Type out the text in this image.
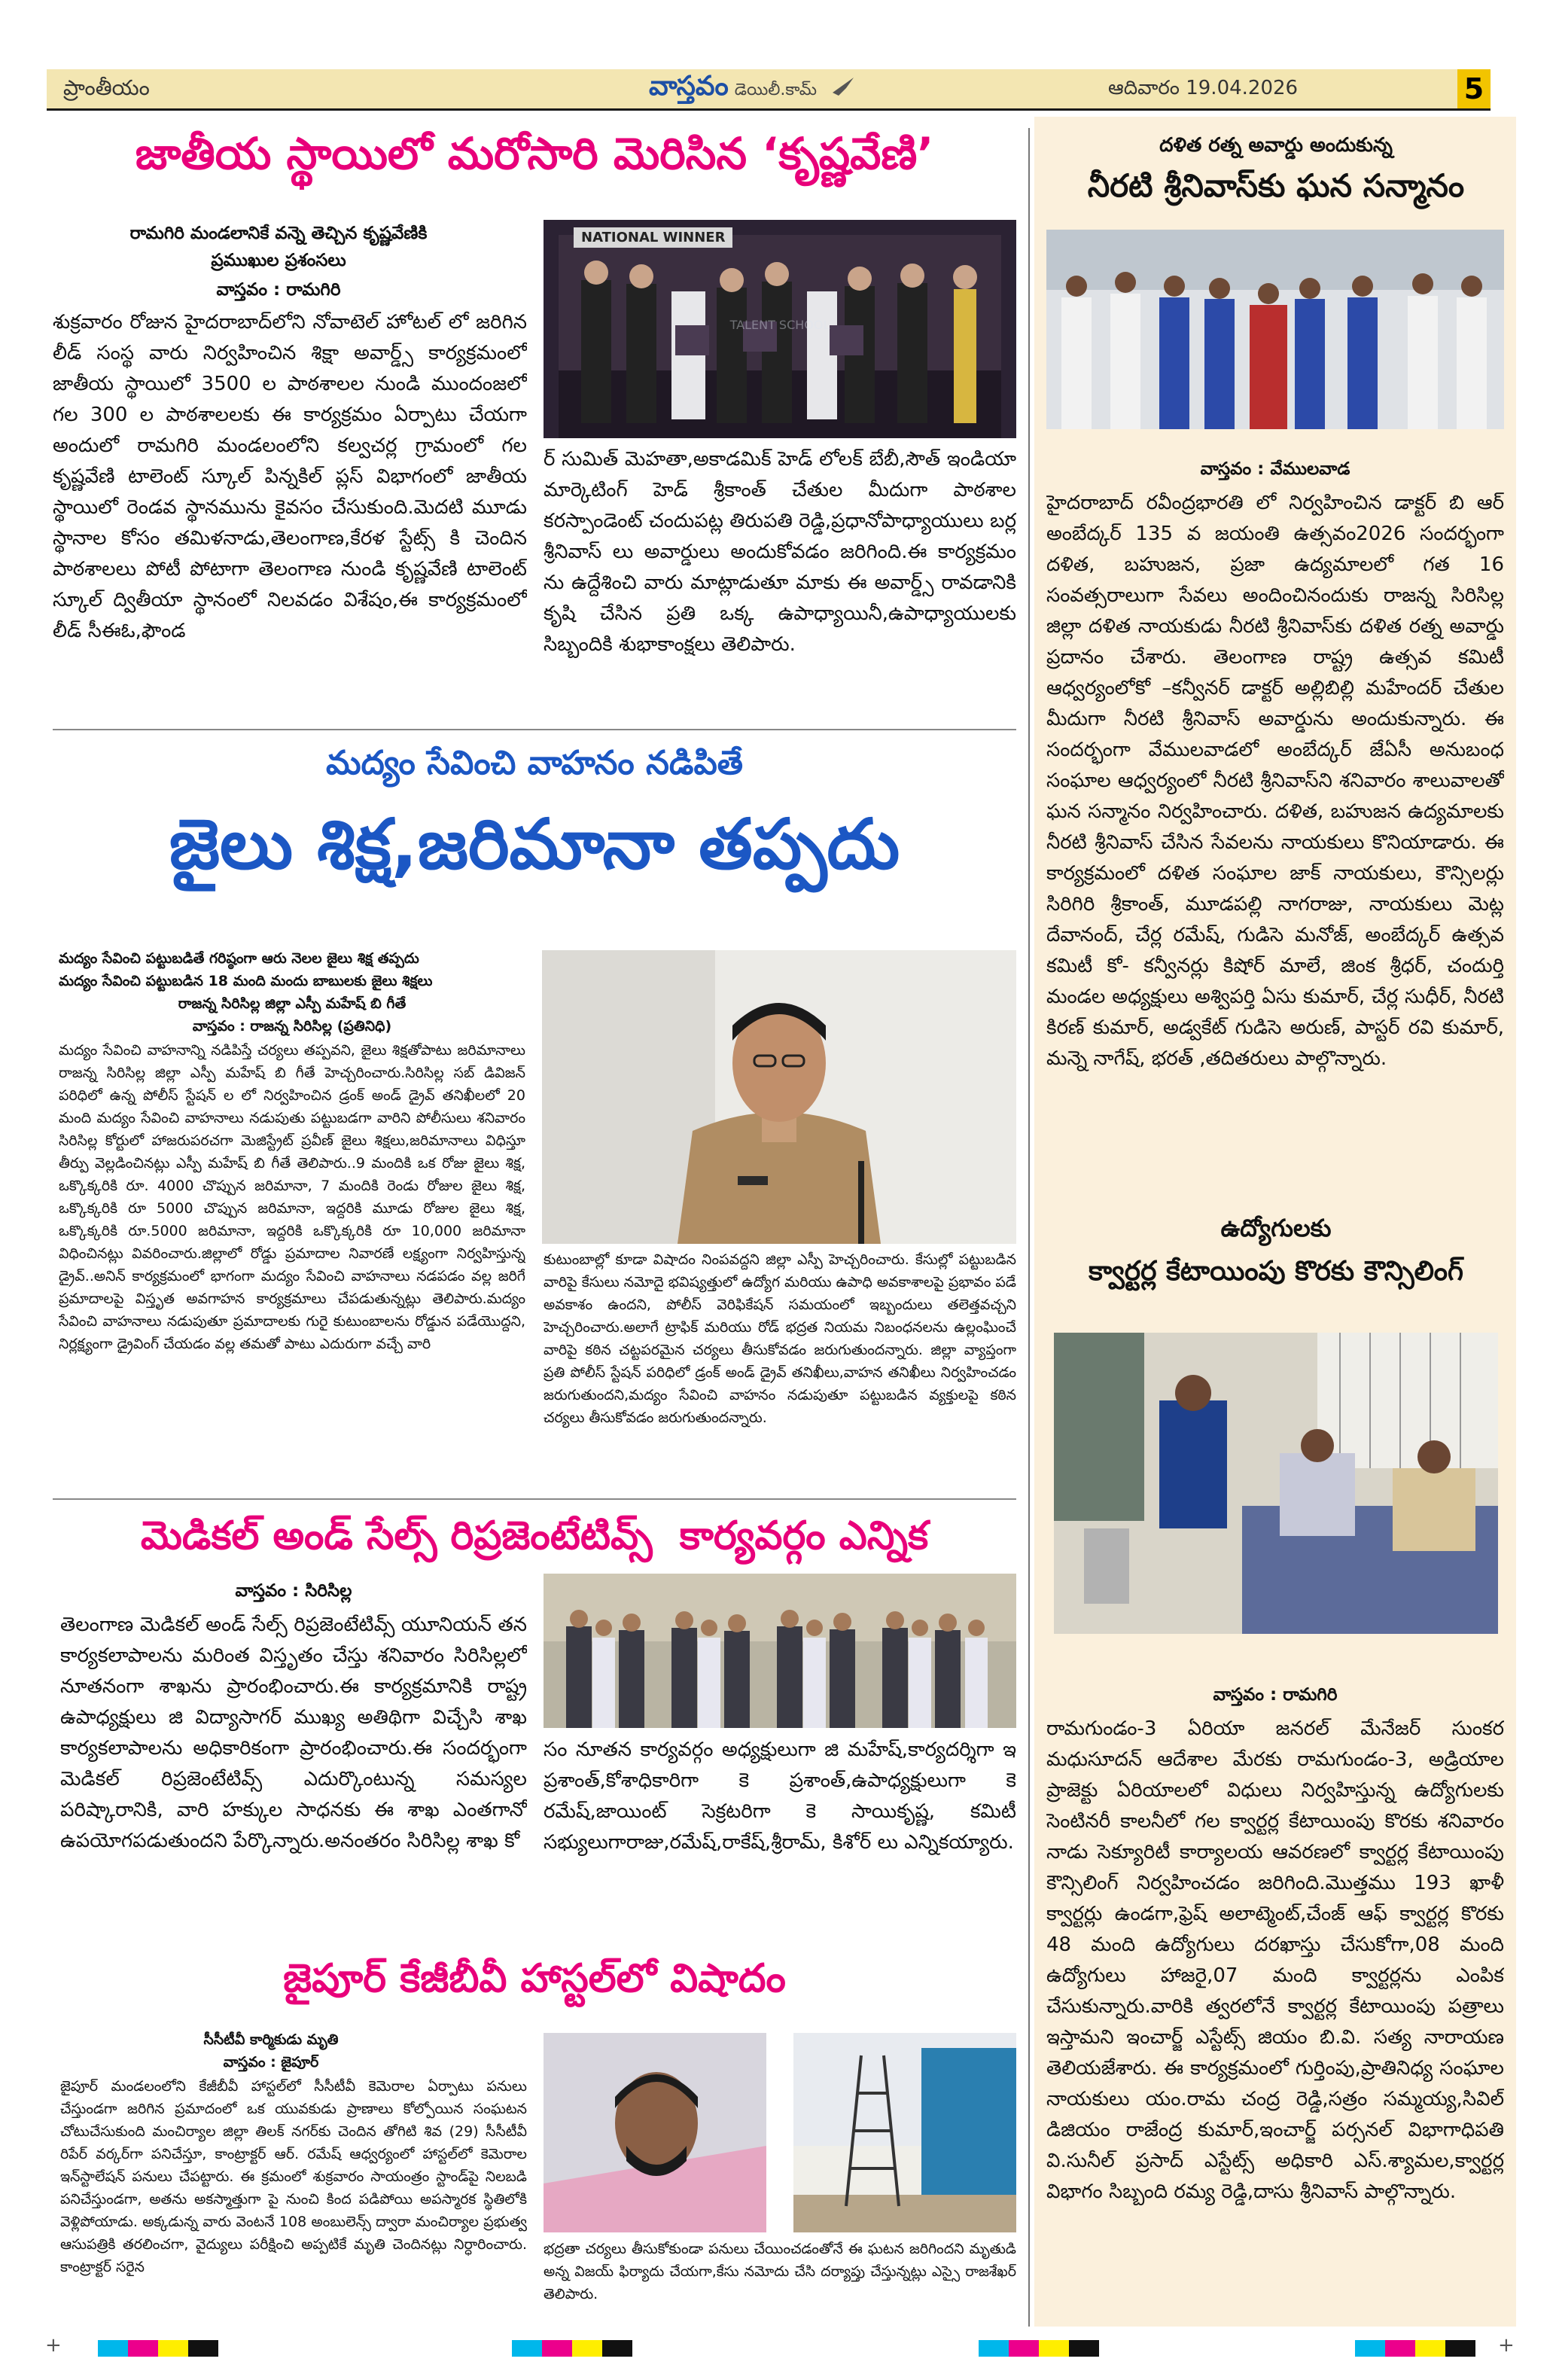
ప్రాంతీయం	వాస్తవం డెయిలీ.కామ్	ఆదివారం 19.04.2026	5
జాతీయ స్థాయిలో మరోసారి మెరిసిన ‘కృష్ణవేణి’
రామగిరి మండలానికే వన్నె తెచ్చిన కృష్ణవేణికి
ప్రముఖుల ప్రశంసలు
వాస్తవం : రామగిరి
శుక్రవారం రోజున హైదరాబాద్‌లోని నోవాటెల్ హోటల్ లో జరిగిన లీడ్ సంస్థ వారు నిర్వహించిన శిక్షా అవార్డ్స్ కార్యక్రమంలో జాతీయ స్థాయిలో 3500 ల పాఠశాలల నుండి ముందంజలో గల 300 ల పాఠశాలలకు ఈ కార్యక్రమం ఏర్పాటు చేయగా అందులో రామగిరి మండలంలోని కల్వచర్ల గ్రామంలో గల కృష్ణవేణి టాలెంట్ స్కూల్ పిన్నకిల్ ప్లస్ విభాగంలో జాతీయ స్థాయిలో రెండవ స్థానమును కైవసం చేసుకుంది.మెదటి మూడు స్థానాల కోసం తమిళనాడు,తెలంగాణ,కేరళ స్టేట్స్ కి చెందిన పాఠశాలలు పోటీ పోటాగా తెలంగాణ నుండి కృష్ణవేణి టాలెంట్ స్కూల్ ద్వితీయా స్థానంలో నిలవడం విశేషం,ఈ కార్యక్రమంలో లీడ్ సీఈఓ,ఫౌండ
TALENT SCHOOL
NATIONAL WINNER
ర్ సుమిత్ మెహతా,అకాడమిక్ హెడ్ లోలక్ బేబీ,సౌత్ ఇండియా మార్కెటింగ్ హెడ్ శ్రీకాంత్ చేతుల మీదుగా పాఠశాల కరస్పాండెంట్ చందుపట్ల తిరుపతి రెడ్డి,ప్రధానోపాధ్యాయులు బర్ల శ్రీనివాస్ లు అవార్డులు అందుకోవడం జరిగింది.ఈ కార్యక్రమం ను ఉద్దేశించి వారు మాట్లాడుతూ మాకు ఈ అవార్డ్స్ రావడానికి కృషి చేసిన ప్రతి ఒక్క ఉపాధ్యాయినీ,ఉపాధ్యాయులకు సిబ్బందికి శుభాకాంక్షలు తెలిపారు.
మద్యం సేవించి వాహనం నడిపితే
జైలు శిక్ష,జరిమానా తప్పదు
మద్యం సేవించి పట్టుబడితే గరిష్ఠంగా ఆరు నెలల జైలు శిక్ష తప్పదు
మద్యం సేవించి పట్టుబడిన 18 మంది మందు బాబులకు జైలు శిక్షలు
రాజన్న సిరిసిల్ల జిల్లా ఎస్పీ మహేష్ బి గీతే
వాస్తవం : రాజన్న సిరిసిల్ల (ప్రతినిధి)
మద్యం సేవించి వాహనాన్ని నడిపిస్తే చర్యలు తప్పవని, జైలు శిక్షతోపాటు జరిమానాలు రాజన్న సిరిసిల్ల జిల్లా ఎస్పీ మహేష్ బి గీతే హెచ్చరించారు.సిరిసిల్ల సబ్ డివిజన్ పరిధిలో ఉన్న పోలీస్ స్టేషన్ ల లో నిర్వహించిన డ్రంక్ అండ్ డ్రైవ్ తనిఖీలలో 20 మంది మద్యం సేవించి వాహనాలు నడుపుతు పట్టుబడగా వారిని పోలీసులు శనివారం సిరిసిల్ల కోర్టులో హాజరుపరచగా మెజిస్ట్రేట్ ప్రవీణ్ జైలు శిక్షలు,జరిమానాలు విధిస్తూ తీర్పు వెల్లడించినట్లు ఎస్పీ మహేష్ బి గీతే తెలిపారు..9 మందికి ఒక రోజు జైలు శిక్ష, ఒక్కొక్కరికి రూ. 4000 చొప్పున జరిమానా, 7 మందికి రెండు రోజుల జైలు శిక్ష, ఒక్కొక్కరికి రూ 5000 చొప్పున జరిమానా, ఇద్దరికి మూడు రోజుల జైలు శిక్ష, ఒక్కొక్కరికి రూ.5000 జరిమానా, ఇద్దరికి ఒక్కొక్కరికి రూ 10,000 జరిమానా విధించినట్లు వివరించారు.జిల్లాలో రోడ్డు ప్రమాదాల నివారణే లక్ష్యంగా నిర్వహిస్తున్న డ్రైవ్..అనిన్ కార్యక్రమంలో భాగంగా మద్యం సేవించి వాహనాలు నడపడం వల్ల జరిగే ప్రమాదాలపై విస్తృత అవగాహన కార్యక్రమాలు చేపడుతున్నట్లు తెలిపారు.మద్యం సేవించి వాహనాలు నడుపుతూ ప్రమాదాలకు గురై కుటుంబాలను రోడ్డున పడేయొద్దని, నిర్లక్ష్యంగా డ్రైవింగ్ చేయడం వల్ల తమతో పాటు ఎదురుగా వచ్చే వారి
కుటుంబాల్లో కూడా విషాదం నింపవద్దని జిల్లా ఎస్పీ హెచ్చరించారు. కేసుల్లో పట్టుబడిన వారిపై కేసులు నమోదై భవిష్యత్తులో ఉద్యోగ మరియు ఉపాధి అవకాశాలపై ప్రభావం పడే అవకాశం ఉందని, పోలీస్ వెరిఫికేషన్ సమయంలో ఇబ్బందులు తలెత్తవచ్చని హెచ్చరించారు.అలాగే ట్రాఫిక్ మరియు రోడ్ భద్రత నియమ నిబంధనలను ఉల్లంఘించే వారిపై కఠిన చట్టపరమైన చర్యలు తీసుకోవడం జరుగుతుందన్నారు. జిల్లా వ్యాప్తంగా ప్రతి పోలీస్ స్టేషన్ పరిధిలో డ్రంక్ అండ్ డ్రైవ్ తనిఖీలు,వాహన తనిఖీలు నిర్వహించడం జరుగుతుందని,మద్యం సేవించి వాహనం నడుపుతూ పట్టుబడిన వ్యక్తులపై కఠిన చర్యలు తీసుకోవడం జరుగుతుందన్నారు.
మెడికల్ అండ్ సేల్స్ రిప్రజెంటేటివ్స్  కార్యవర్గం ఎన్నిక
వాస్తవం : సిరిసిల్ల
తెలంగాణ మెడికల్ అండ్ సేల్స్ రిప్రజెంటేటివ్స్ యూనియన్ తన కార్యకలాపాలను మరింత విస్తృతం చేస్తు శనివారం సిరిసిల్లలో నూతనంగా శాఖను ప్రారంభించారు.ఈ కార్యక్రమానికి రాష్ట్ర ఉపాధ్యక్షులు జి విద్యాసాగర్ ముఖ్య అతిథిగా విచ్చేసి శాఖ కార్యకలాపాలను అధికారికంగా ప్రారంభించారు.ఈ సందర్భంగా మెడికల్ రిప్రజెంటేటివ్స్ ఎదుర్కొంటున్న సమస్యల పరిష్కారానికి, వారి హక్కుల సాధనకు ఈ శాఖ ఎంతగానో ఉపయోగపడుతుందని పేర్కొన్నారు.అనంతరం సిరిసిల్ల శాఖ కో
సం నూతన కార్యవర్గం అధ్యక్షులుగా జి మహేష్,కార్యదర్శిగా ఇ ప్రశాంత్,కోశాధికారిగా కె ప్రశాంత్,ఉపాధ్యక్షులుగా కె రమేష్,జాయింట్ సెక్రటరిగా కె సాయికృష్ణ, కమిటీ సభ్యులుగారాజు,రమేష్,రాకేష్,శ్రీరామ్, కిశోర్ లు ఎన్నికయ్యారు.
జైపూర్ కేజీబీవీ హాస్టల్‌లో విషాదం
సీసీటీవీ కార్మికుడు మృతి
వాస్తవం : జైపూర్
జైపూర్ మండలంలోని కేజీబీవీ హాస్టల్‌లో సీసీటీవీ కెమెరాల ఏర్పాటు పనులు చేస్తుండగా జరిగిన ప్రమాదంలో ఒక యువకుడు ప్రాణాలు కోల్పోయిన సంఘటన చోటుచేసుకుంది మంచిర్యాల జిల్లా తిలక్ నగర్‌కు చెందిన తోగిటి శివ (29) సీసీటీవీ రిపేర్ వర్కర్‌గా పనిచేస్తూ, కాంట్రాక్టర్ ఆర్. రమేష్ ఆధ్వర్యంలో హాస్టల్‌లో కెమెరాల ఇన్‌స్టాలేషన్ పనులు చేపట్టారు. ఈ క్రమంలో శుక్రవారం సాయంత్రం స్టాండ్‌పై నిలబడి పనిచేస్తుండగా, అతను అకస్మాత్తుగా పై నుంచి కింద పడిపోయి అపస్మారక స్థితిలోకి వెళ్లిపోయాడు. అక్కడున్న వారు వెంటనే 108 అంబులెన్స్ ద్వారా మంచిర్యాల ప్రభుత్వ ఆసుపత్రికి తరలించగా, వైద్యులు పరీక్షించి అప్పటికే మృతి చెందినట్లు నిర్ధారించారు. కాంట్రాక్టర్ సరైన
భద్రతా చర్యలు తీసుకోకుండా పనులు చేయించడంతోనే ఈ ఘటన జరిగిందని మృతుడి అన్న విజయ్ ఫిర్యాదు చేయగా,కేసు నమోదు చేసి దర్యాప్తు చేస్తున్నట్లు ఎస్సై రాజశేఖర్ తెలిపారు.
దళిత రత్న అవార్డు అందుకున్న
నీరటి శ్రీనివాస్‌కు ఘన సన్మానం
వాస్తవం : వేములవాడ
హైదరాబాద్ రవీంద్రభారతి లో నిర్వహించిన డాక్టర్ బి ఆర్ అంబేద్కర్ 135 వ జయంతి ఉత్సవం2026 సందర్భంగా దళిత, బహుజన, ప్రజా ఉద్యమాలలో గత 16 సంవత్సరాలుగా సేవలు అందించినందుకు రాజన్న సిరిసిల్ల జిల్లా దళిత నాయకుడు నీరటి శ్రీనివాస్‌కు దళిత రత్న అవార్డు ప్రదానం చేశారు. తెలంగాణ రాష్ట్ర ఉత్సవ కమిటీ ఆధ్వర్యంలోకో –కన్వీనర్ డాక్టర్ అల్లిబిల్లి మహేందర్ చేతుల మీదుగా నీరటి శ్రీనివాస్ అవార్డును అందుకున్నారు. ఈ సందర్భంగా వేములవాడలో అంబేద్కర్ జేఏసీ అనుబంధ సంఘాల ఆధ్వర్యంలో నీరటి శ్రీనివాస్‌ని శనివారం శాలువాలతో ఘన సన్మానం నిర్వహించారు. దళిత, బహుజన ఉద్యమాలకు నీరటి శ్రీనివాస్ చేసిన సేవలను నాయకులు కొనియాడారు. ఈ కార్యక్రమంలో దళిత సంఘాల జాక్ నాయకులు, కౌన్సిలర్లు సిరిగిరి శ్రీకాంత్, మూడపల్లి నాగరాజు, నాయకులు మెట్ల దేవానంద్, చేర్ల రమేష్, గుడిసె మనోజ్, అంబేద్కర్ ఉత్సవ కమిటీ కో- కన్వీనర్లు కిషోర్ మాలే, జింక శ్రీధర్, చందుర్తి మండల అధ్యక్షులు అశ్విపర్తి ఏసు కుమార్, చేర్ల సుధీర్, నీరటి కిరణ్ కుమార్, అడ్వకేట్ గుడిసె అరుణ్, పాస్టర్ రవి కుమార్, మన్నె నాగేష్, భరత్ ,తదితరులు పాల్గొన్నారు.
ఉద్యోగులకు
క్వార్టర్ల కేటాయింపు కొరకు కౌన్సిలింగ్
వాస్తవం : రామగిరి
రామగుండం-3 ఏరియా జనరల్ మేనేజర్ సుంకర మధుసూదన్ ఆదేశాల మేరకు రామగుండం-3, అడ్రియాల ప్రాజెక్టు ఏరియాలలో విధులు నిర్వహిస్తున్న ఉద్యోగులకు సెంటినరీ కాలనీలో గల క్వార్టర్ల కేటాయింపు కొరకు శనివారం నాడు సెక్యూరిటీ కార్యాలయ ఆవరణలో క్వార్టర్ల కేటాయింపు కౌన్సిలింగ్ నిర్వహించడం జరిగింది.మొత్తము 193 ఖాళీ క్వార్టర్లు ఉండగా,ఫ్రెష్ అలాట్మెంట్,చేంజ్ ఆఫ్ క్వార్టర్ల కొరకు 48 మంది ఉద్యోగులు దరఖాస్తు చేసుకోగా,08 మంది ఉద్యోగులు హాజరై,07 మంది క్వార్టర్లను ఎంపిక చేసుకున్నారు.వారికి త్వరలోనే క్వార్టర్ల కేటాయింపు పత్రాలు ఇస్తామని ఇంచార్జ్ ఎస్టేట్స్ జియం బి.వి. సత్య నారాయణ తెలియజేశారు. ఈ కార్యక్రమంలో గుర్తింపు,ప్రాతినిధ్య సంఘాల నాయకులు యం.రామ చంద్ర రెడ్డి,సత్రం సమ్మయ్య,సివిల్ డిజియం రాజేంద్ర కుమార్,ఇంచార్జ్ పర్సనల్ విభాగాధిపతి వి.సునీల్ ప్రసాద్ ఎస్టేట్స్ అధికారి ఎస్.శ్యామల,క్వార్టర్ల విభాగం సిబ్బంది రమ్య రెడ్డి,దాసు శ్రీనివాస్ పాల్గొన్నారు.
+	+
